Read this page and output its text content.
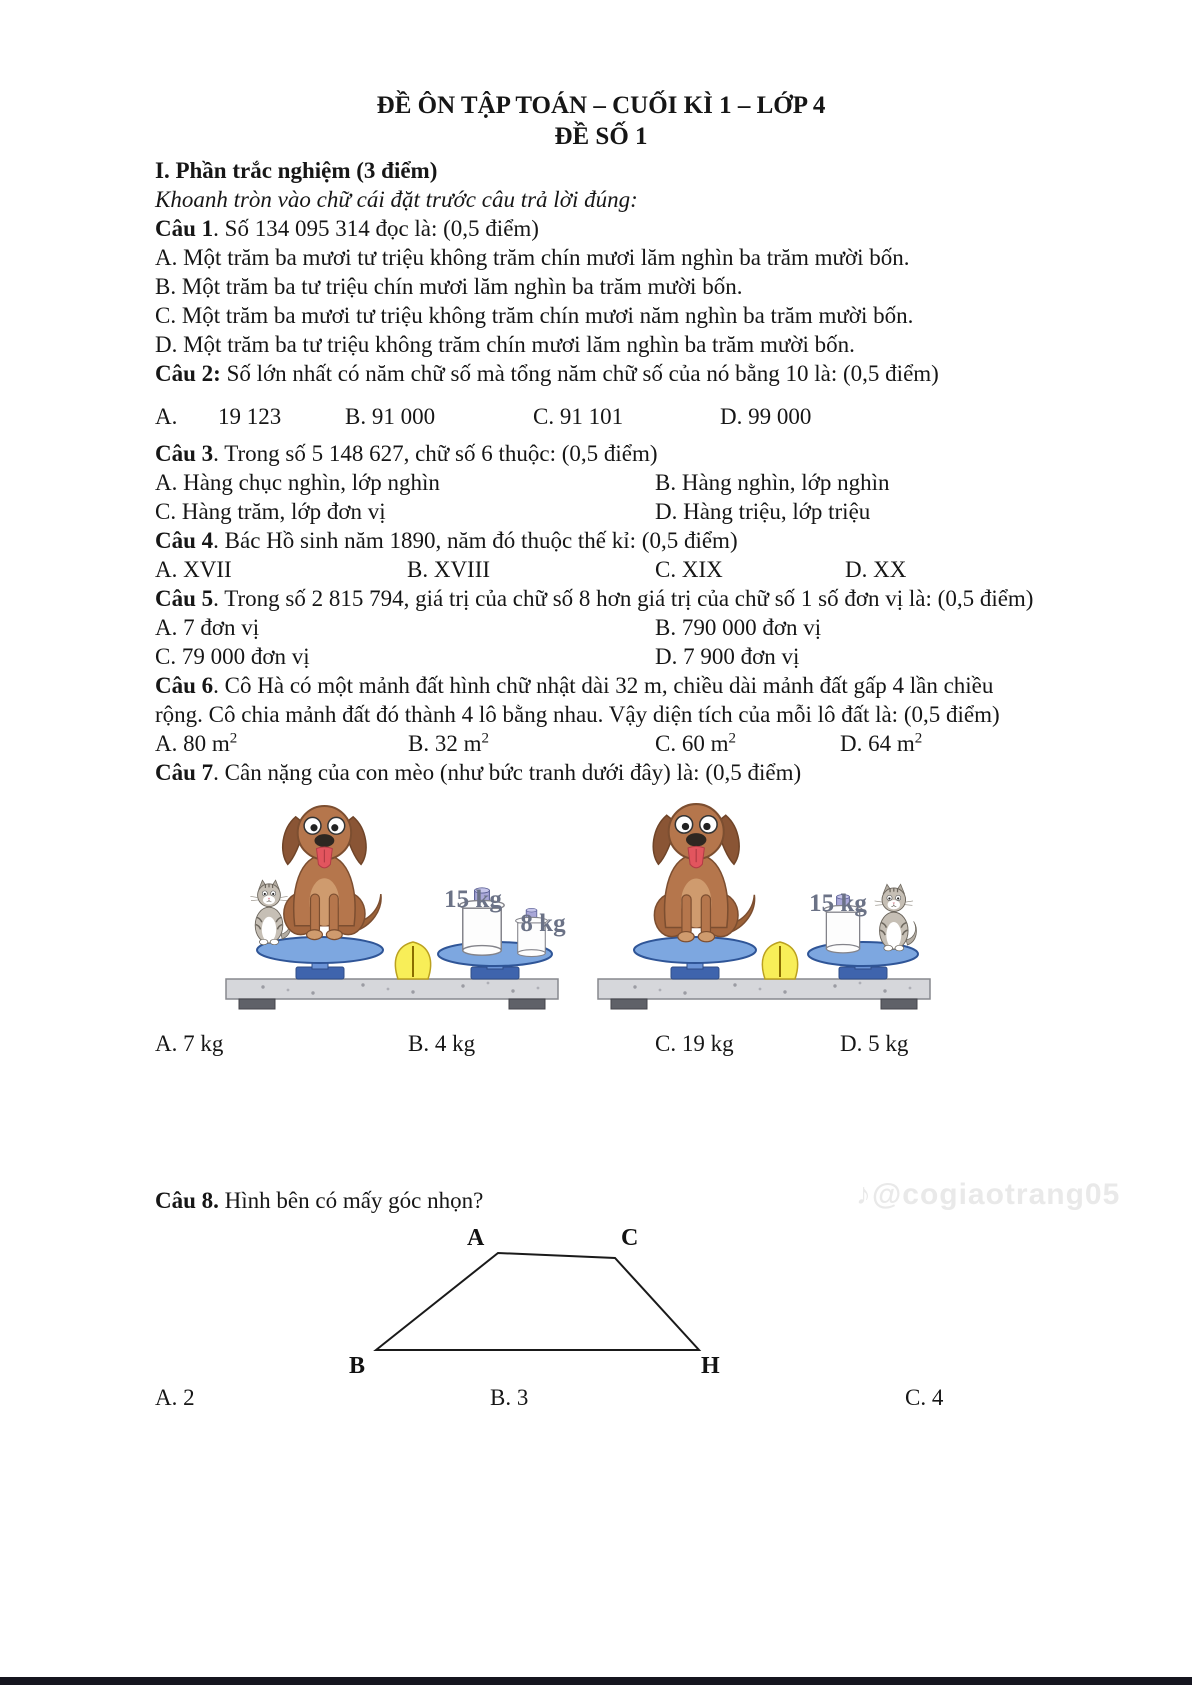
ĐỀ ÔN TẬP TOÁN – CUỐI KÌ 1 – LỚP 4

ĐỀ SỐ 1

I. Phần trắc nghiệm (3 điểm)

Khoanh tròn vào chữ cái đặt trước câu trả lời đúng:

Câu 1. Số 134 095 314 đọc là: (0,5 điểm)

A. Một trăm ba mươi tư triệu không trăm chín mươi lăm nghìn ba trăm mười bốn.

B. Một trăm ba tư triệu chín mươi lăm nghìn ba trăm mười bốn.

C. Một trăm ba mươi tư triệu không trăm chín mươi năm nghìn ba trăm mười bốn.

D. Một trăm ba tư triệu không trăm chín mươi lăm nghìn ba trăm mười bốn.

Câu 2: Số lớn nhất có năm chữ số mà tổng năm chữ số của nó bằng 10 là: (0,5 điểm)

A. 19 123	B. 91 000	C. 91 101	D. 99 000

Câu 3. Trong số 5 148 627, chữ số 6 thuộc: (0,5 điểm)

A. Hàng chục nghìn, lớp nghìn	B. Hàng nghìn, lớp nghìn
C. Hàng trăm, lớp đơn vị	D. Hàng triệu, lớp triệu

Câu 4. Bác Hồ sinh năm 1890, năm đó thuộc thế kỉ: (0,5 điểm)

A. XVII	B. XVIII	C. XIX	D. XX

Câu 5. Trong số 2 815 794, giá trị của chữ số 8 hơn giá trị của chữ số 1 số đơn vị là: (0,5 điểm)

A. 7 đơn vị	B. 790 000 đơn vị
C. 79 000 đơn vị	D. 7 900 đơn vị

Câu 6. Cô Hà có một mảnh đất hình chữ nhật dài 32 m, chiều dài mảnh đất gấp 4 lần chiều rộng. Cô chia mảnh đất đó thành 4 lô bằng nhau. Vậy diện tích của mỗi lô đất là: (0,5 điểm)

A. 80 $m^2$	B. 32 $m^2$	C. 60 $m^2$	D. 64 $m^2$

Câu 7. Cân nặng của con mèo (như bức tranh dưới đây) là: (0,5 điểm)

15 kg
8 kg
15 kg
A. 7 kg	B. 4 kg	C. 19 kg	D. 5 kg

Câu 8. Hình bên có mấy góc nhọn?

A	C
B	H
A. 2	B. 3	C. 4
♪@cogiaotrang05
